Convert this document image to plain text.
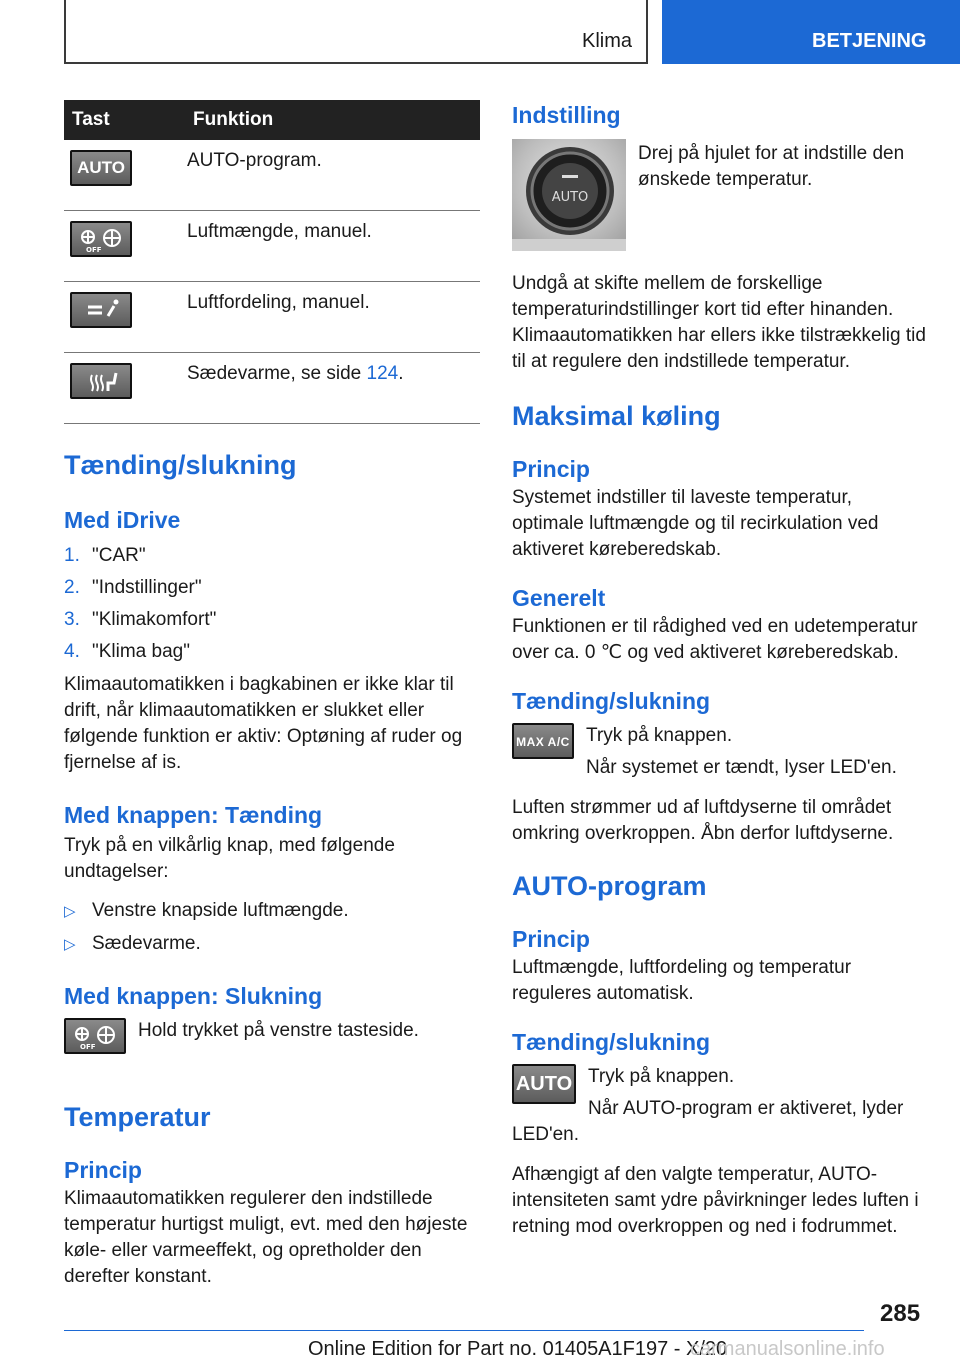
Klima	BETJENING
Tast	Funktion
AUTO	AUTO-program.

OFF	Luftmængde, manuel.

	Luftfordeling, manuel.

	Sædevarme, se side 124.
Tænding/slukning
Med iDrive
1. "CAR"
2. "Indstillinger"
3. "Klimakomfort"
4. "Klima bag"

Klimaautomatikken i bagkabinen er ikke klar til drift, når klimaautomatikken er slukket eller følgende funktion er aktiv: Optøning af ruder og fjernelse af is.

Med knappen: Tænding

Tryk på en vilkårlig knap, med følgende undtagelser:

▷ Venstre knapside luftmængde.
▷ Sædevarme.
Med knappen: Slukning
OFF

Hold trykket på venstre tasteside.

Temperatur
Princip

Klimaautomatikken regulerer den indstillede temperatur hurtigst muligt, evt. med den højeste køle- eller varmeeffekt, og opretholder den derefter konstant.

Indstilling
AUTO

Drej på hjulet for at indstille den ønskede temperatur.

Undgå at skifte mellem de forskellige temperaturindstillinger kort tid efter hinanden. Klimaautomatikken har ellers ikke tilstrækkelig tid til at regulere den indstillede temperatur.

Maksimal køling
Princip

Systemet indstiller til laveste temperatur, optimale luftmængde og til recirkulation ved aktiveret køreberedskab.

Generelt

Funktionen er til rådighed ved en udetemperatur over ca. 0 ℃ og ved aktiveret køreberedskab.

Tænding/slukning
MAX A/C Tryk på knappen.

Når systemet er tændt, lyser LED'en.

Luften strømmer ud af luftdyserne til området omkring overkroppen. Åbn derfor luftdyserne.

AUTO-program
Princip

Luftmængde, luftfordeling og temperatur reguleres automatisk.

Tænding/slukning
AUTO Tryk på knappen.

Når AUTO-program er aktiveret, lyder LED'en.

Afhængigt af den valgte temperatur, AUTO-intensiteten samt ydre påvirkninger ledes luften i retning mod overkroppen og ned i fodrummet.

285
Online Edition for Part no. 01405A1F197 - X/20
carmanualsonline.info
